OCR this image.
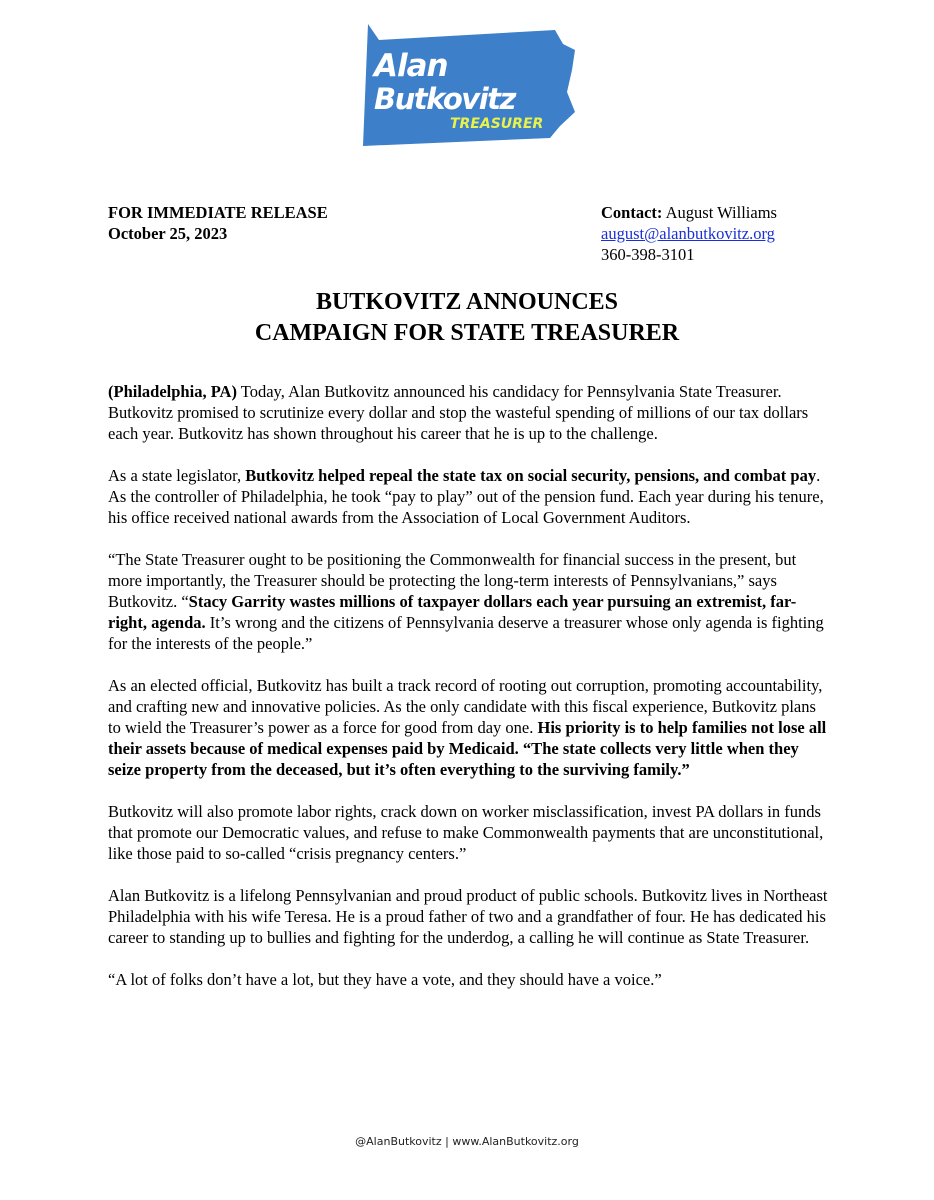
Alan
Butkovitz
TREASURER
FOR IMMEDIATE RELEASE
October 25, 2023
Contact: August Williams
august@alanbutkovitz.org
360-398-3101
BUTKOVITZ ANNOUNCES
CAMPAIGN FOR STATE TREASURER

(Philadelphia, PA) Today, Alan Butkovitz announced his candidacy for Pennsylvania State Treasurer. Butkovitz promised to scrutinize every dollar and stop the wasteful spending of millions of our tax dollars each year. Butkovitz has shown throughout his career that he is up to the challenge.

As a state legislator, Butkovitz helped repeal the state tax on social security, pensions, and combat pay. As the controller of Philadelphia, he took “pay to play” out of the pension fund. Each year during his tenure, his office received national awards from the Association of Local Government Auditors.

“The State Treasurer ought to be positioning the Commonwealth for financial success in the present, but more importantly, the Treasurer should be protecting the long-term interests of Pennsylvanians,” says Butkovitz. “Stacy Garrity wastes millions of taxpayer dollars each year pursuing an extremist, far-right, agenda. It’s wrong and the citizens of Pennsylvania deserve a treasurer whose only agenda is fighting for the interests of the people.”

As an elected official, Butkovitz has built a track record of rooting out corruption, promoting accountability, and crafting new and innovative policies. As the only candidate with this fiscal experience, Butkovitz plans to wield the Treasurer’s power as a force for good from day one. His priority is to help families not lose all their assets because of medical expenses paid by Medicaid. “The state collects very little when they seize property from the deceased, but it’s often everything to the surviving family.”

Butkovitz will also promote labor rights, crack down on worker misclassification, invest PA dollars in funds that promote our Democratic values, and refuse to make Commonwealth payments that are unconstitutional, like those paid to so-called “crisis pregnancy centers.”

Alan Butkovitz is a lifelong Pennsylvanian and proud product of public schools. Butkovitz lives in Northeast Philadelphia with his wife Teresa. He is a proud father of two and a grandfather of four. He has dedicated his career to standing up to bullies and fighting for the underdog, a calling he will continue as State Treasurer.

“A lot of folks don’t have a lot, but they have a vote, and they should have a voice.”

@AlanButkovitz | www.AlanButkovitz.org
